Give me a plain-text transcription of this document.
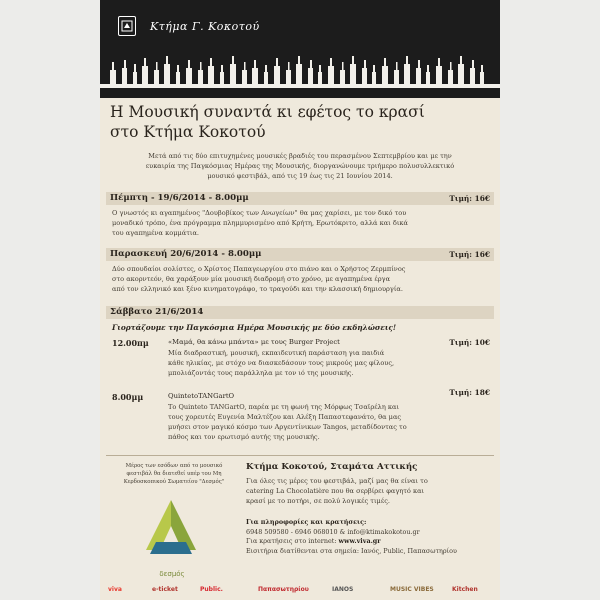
Κτήμα Γ. Κοκοτού
Η Μουσική συναντά κι εφέτος το κρασί
στο Κτήμα Κοκοτού
Μετά από τις δύο επιτυχημένες μουσικές βραδιές του περασμένου Σεπτεμβρίου και με την
ευκαιρία της Παγκόσμιας Ημέρας της Μουσικής, διοργανώνουμε τριήμερο πολυσυλλεκτικό
μουσικό φεστιβάλ, από τις 19 έως τις 21 Ιουνίου 2014.
Πέμπτη - 19/6/2014 - 8.00μμ	Τιμή: 16€
Ο γνωστός κι αγαπημένος "Δουβοβίκος των Ανωγείων" θα μας χαρίσει, με τον δικό του
μοναδικό τρόπο, ένα πρόγραμμα πλημμυρισμένο από Κρήτη, Ερωτόκριτο, αλλά και δικά
του αγαπημένα κομμάτια.
Παρασκευή 20/6/2014 - 8.00μμ	Τιμή: 16€
Δύο σπουδαίοι σολίστες, ο Χρίστος Παπαγεωργίου στο πιάνο και ο Χρήστος Ζερμπίνος
στο ακορντεόν, θα χαράξουν μία μουσική διαδρομή στο χρόνο, με αγαπημένα έργα
από τον ελληνικό και ξένο κινηματογράφο, το τραγούδι και την κλασσική δημιουργία.
Σάββατο 21/6/2014
Γιορτάζουμε την Παγκόσμια Ημέρα Μουσικής με δύο εκδηλώσεις!
12.00πμ	«Μαμά, θα κάνω μπάντα» με τους Burger Project	Τιμή: 10€
Μία διαδραστική, μουσική, εκπαιδευτική παράσταση για παιδιά
κάθε ηλικίας, με στόχο να διασκεδάσουν τους μικρούς μας φίλους,
μπολιάζοντάς τους παράλληλα με τον ιό της μουσικής.
8.00μμ	QuintetoTANGartO	Τιμή: 18€
Το Quinteto TANGartO, παρέα με τη φωνή της Μόρφως Τσαϊρέλη και
τους χορευτές Ευγενία Μαλτέζου και Αλέξη Παπαστεφανάτο, θα μας
μυήσει στον μαγικό κόσμο των Αργεντίνικων Tangos, μεταδίδοντας το
πάθος και τον ερωτισμό αυτής της μουσικής.
Μέρος των εσόδων από το μουσικό
φεστιβάλ θα διατεθεί υπέρ του Μη
Κερδοσκοπικού Σωματείου "Δεσμός"
δεσμός
Κτήμα Κοκοτού, Σταμάτα Αττικής
Για όλες τις μέρες του φεστιβάλ, μαζί μας θα είναι το
catering La Chocolatière που θα σερβίρει φαγητό και
κρασί με το ποτήρι, σε πολύ λογικές τιμές.
Για πληροφορίες και κρατήσεις:
6948 509580 - 6946 068010 & info@ktimakokotou.gr
Για κρατήσεις στο internet: www.viva.gr
Εισιτήρια διατίθενται στα σημεία: Ιανός, Public, Παπασωτηρίου
viva	e-ticket	Public.	Παπασωτηρίου	IANOS	MUSIC VIBES	Kitchen
